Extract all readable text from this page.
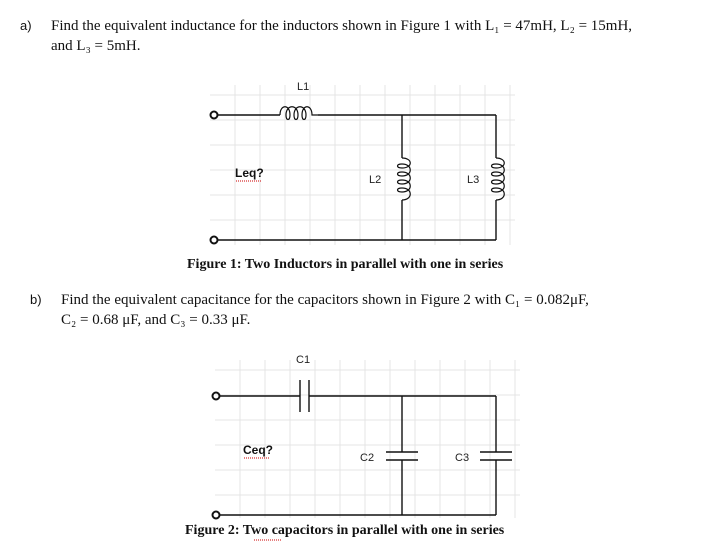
a) Find the equivalent inductance for the inductors shown in Figure 1 with L₁ = 47mH, L₂ = 15mH,
and L₃ = 5mH.
L1
L2	L3
Leq?
Figure 1: Two Inductors in parallel with one in series
b) Find the equivalent capacitance for the capacitors shown in Figure 2 with C₁ = 0.082μF,
C₂ = 0.68 μF, and C₃ = 0.33 μF.
C1
C2	C3
Ceq?
Figure 2: Two capacitors in parallel with one in series
